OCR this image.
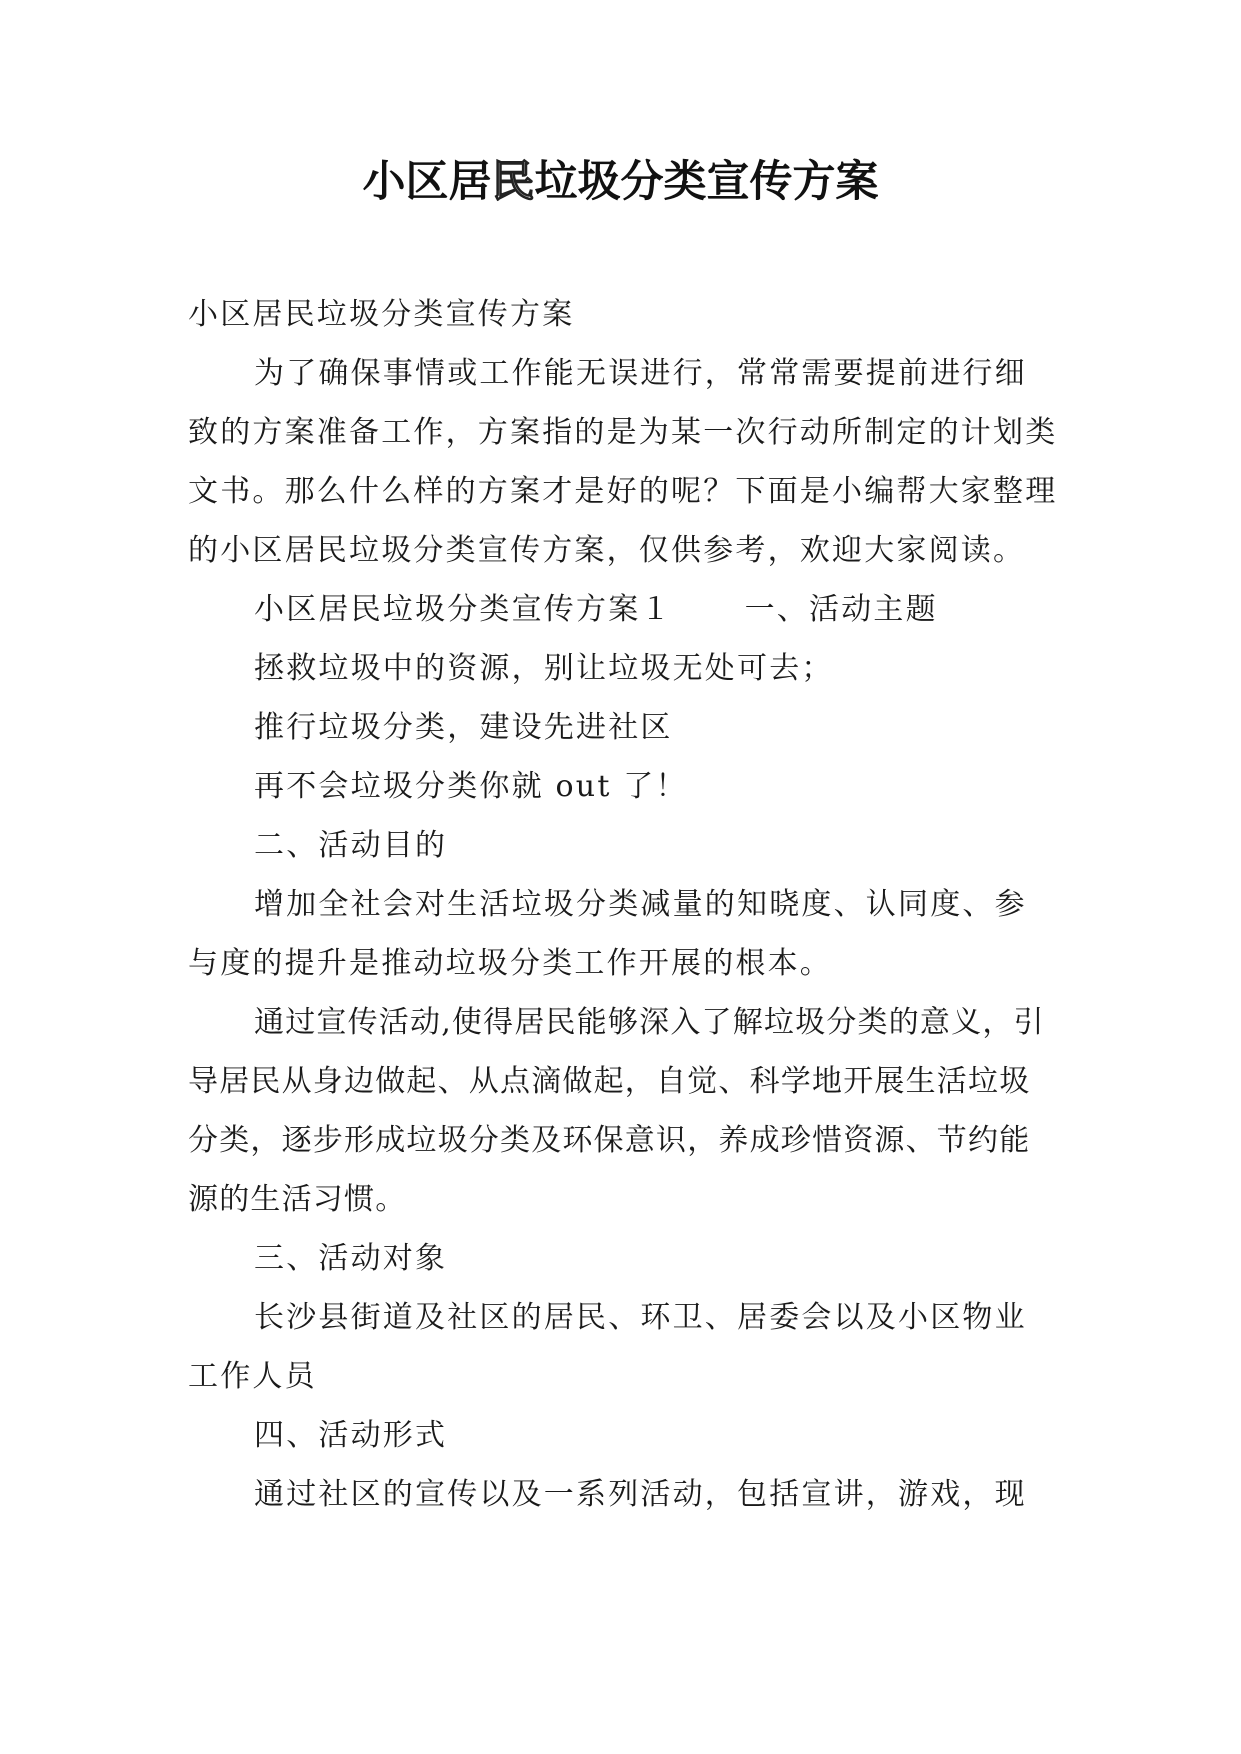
小区居民垃圾分类宣传方案

小区居民垃圾分类宣传方案

为了确保事情或工作能无误进行，常常需要提前进行细致的方案准备工作，方案指的是为某一次行动所制定的计划类文书。那么什么样的方案才是好的呢？下面是小编帮大家整理的小区居民垃圾分类宣传方案，仅供参考，欢迎大家阅读。

小区居民垃圾分类宣传方案１ 一、活动主题

拯救垃圾中的资源，别让垃圾无处可去；

推行垃圾分类，建设先进社区

再不会垃圾分类你就 out 了！

二、活动目的

增加全社会对生活垃圾分类减量的知晓度、认同度、参与度的提升是推动垃圾分类工作开展的根本。

通过宣传活动,使得居民能够深入了解垃圾分类的意义，引导居民从身边做起、从点滴做起，自觉、科学地开展生活垃圾分类，逐步形成垃圾分类及环保意识，养成珍惜资源、节约能源的生活习惯。

三、活动对象

长沙县街道及社区的居民、环卫、居委会以及小区物业工作人员

四、活动形式

通过社区的宣传以及一系列活动，包括宣讲，游戏，现
